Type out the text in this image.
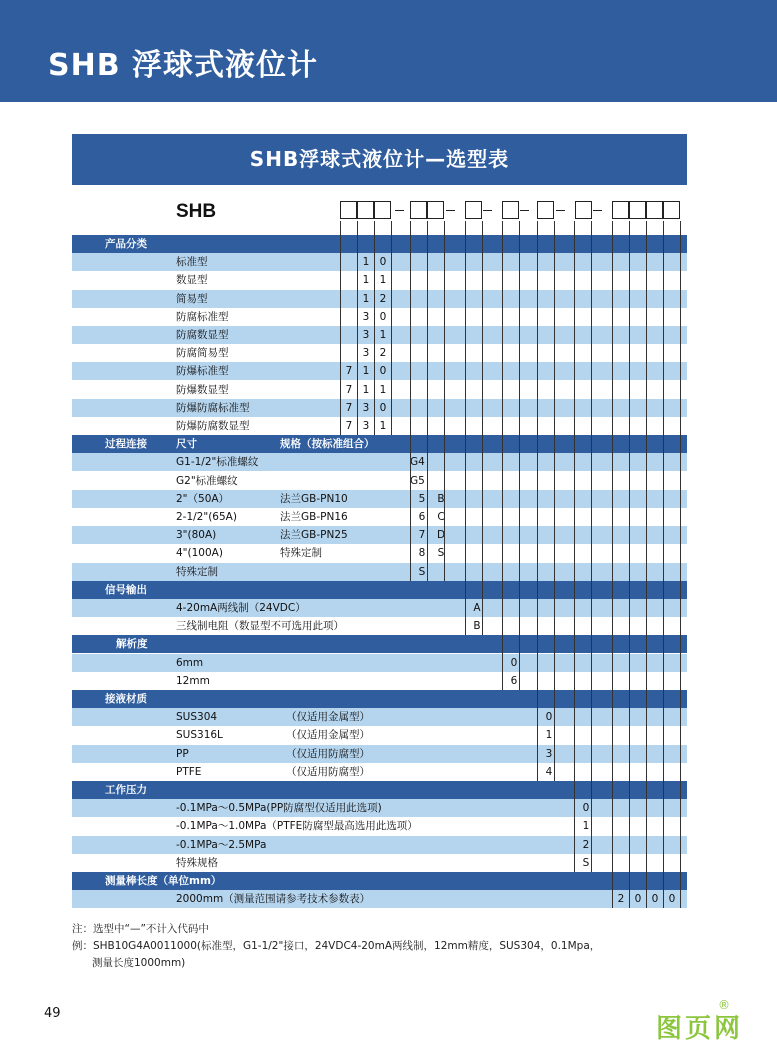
SHB 浮球式液位计
SHB浮球式液位计—选型表
SHB
产品分类
标准型	1 0
数显型	1 1
简易型	1 2
防腐标准型	3 0
防腐数显型	3 1
防腐简易型	3 2
防爆标准型	7 1 0
防爆数显型	7 1 1
防爆防腐标准型	7 3 0
防爆防腐数显型	7 3 1
过程连接	尺寸	规格（按标准组合）
G1-1/2"标准螺纹	G4
G2"标准螺纹	G5
2"（50A）	法兰GB-PN10	5 B
2-1/2"(65A)	法兰GB-PN16	6 C
3"(80A)	法兰GB-PN25	7 D
4"(100A)	特殊定制	8 S
特殊定制	S
信号输出
4-20mA两线制（24VDC）	A
三线制电阻（数显型不可选用此项）	B
解析度
6mm	0
12mm	6
接液材质
SUS304	（仅适用金属型）	0
SUS316L	（仅适用金属型）	1
PP	（仅适用防腐型）	3
PTFE	（仅适用防腐型）	4
工作压力
-0.1MPa～0.5MPa(PP防腐型仅适用此选项)	0
-0.1MPa～1.0MPa（PTFE防腐型最高选用此选项）	1
-0.1MPa～2.5MPa	2
特殊规格	S
测量棒长度（单位mm）
2000mm（测量范围请参考技术参数表）	2 0 0 0
注：选型中“—”不计入代码中
例：SHB10G4A0011000(标准型，G1-1/2"接口，24VDC4-20mA两线制，12mm精度，SUS304，0.1Mpa，
测量长度1000mm)
49
图页网
®
